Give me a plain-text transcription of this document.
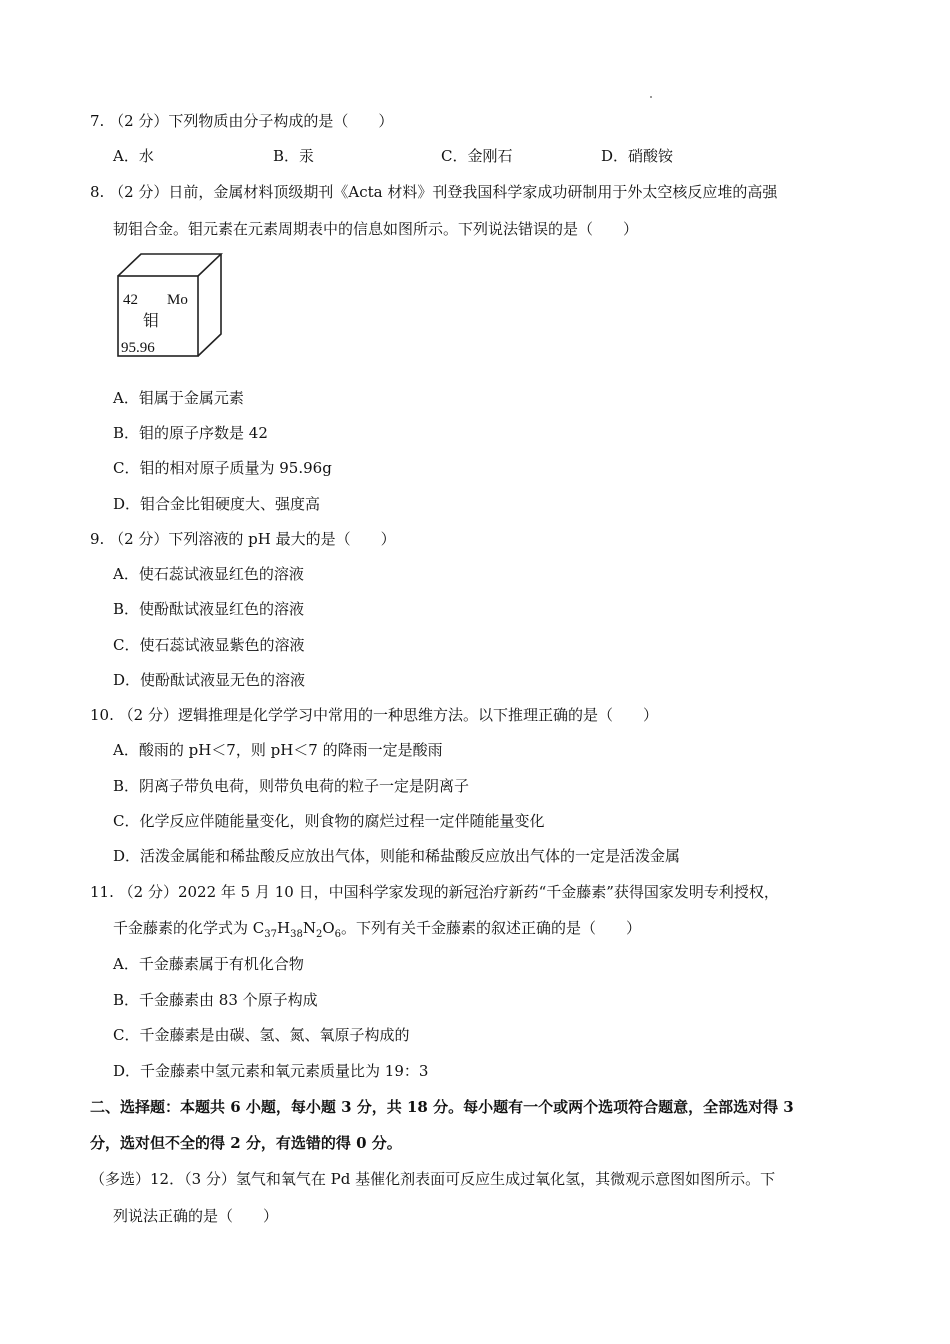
7. （2 分）下列物质由分子构成的是（　　）
A．水	B．汞	C．金刚石	D．硝酸铵
8. （2 分）日前，金属材料顶级期刊《Acta 材料》刊登我国科学家成功研制用于外太空核反应堆的高强
韧钼合金。钼元素在元素周期表中的信息如图所示。下列说法错误的是（　　）
42 Mo
钼
95.96
A．钼属于金属元素
B．钼的原子序数是 42
C．钼的相对原子质量为 95.96g
D．钼合金比钼硬度大、强度高
9. （2 分）下列溶液的 pH 最大的是（　　）
A．使石蕊试液显红色的溶液
B．使酚酞试液显红色的溶液
C．使石蕊试液显紫色的溶液
D．使酚酞试液显无色的溶液
10. （2 分）逻辑推理是化学学习中常用的一种思维方法。以下推理正确的是（　　）
A．酸雨的 pH＜7，则 pH＜7 的降雨一定是酸雨
B．阴离子带负电荷，则带负电荷的粒子一定是阴离子
C．化学反应伴随能量变化，则食物的腐烂过程一定伴随能量变化
D．活泼金属能和稀盐酸反应放出气体，则能和稀盐酸反应放出气体的一定是活泼金属
11. （2 分）2022 年 5 月 10 日，中国科学家发现的新冠治疗新药“千金藤素”获得国家发明专利授权，
千金藤素的化学式为 $C_{37}H_{38}N_2O_6$。下列有关千金藤素的叙述正确的是（　　）
A．千金藤素属于有机化合物
B．千金藤素由 83 个原子构成
C．千金藤素是由碳、氢、氮、氧原子构成的
D．千金藤素中氢元素和氧元素质量比为 19：3
二、选择题：本题共 6 小题，每小题 3 分，共 18 分。每小题有一个或两个选项符合题意，全部选对得 3
分，选对但不全的得 2 分，有选错的得 0 分。
（多选）12．（3 分）氢气和氧气在 Pd 基催化剂表面可反应生成过氧化氢，其微观示意图如图所示。下
列说法正确的是（　　）
